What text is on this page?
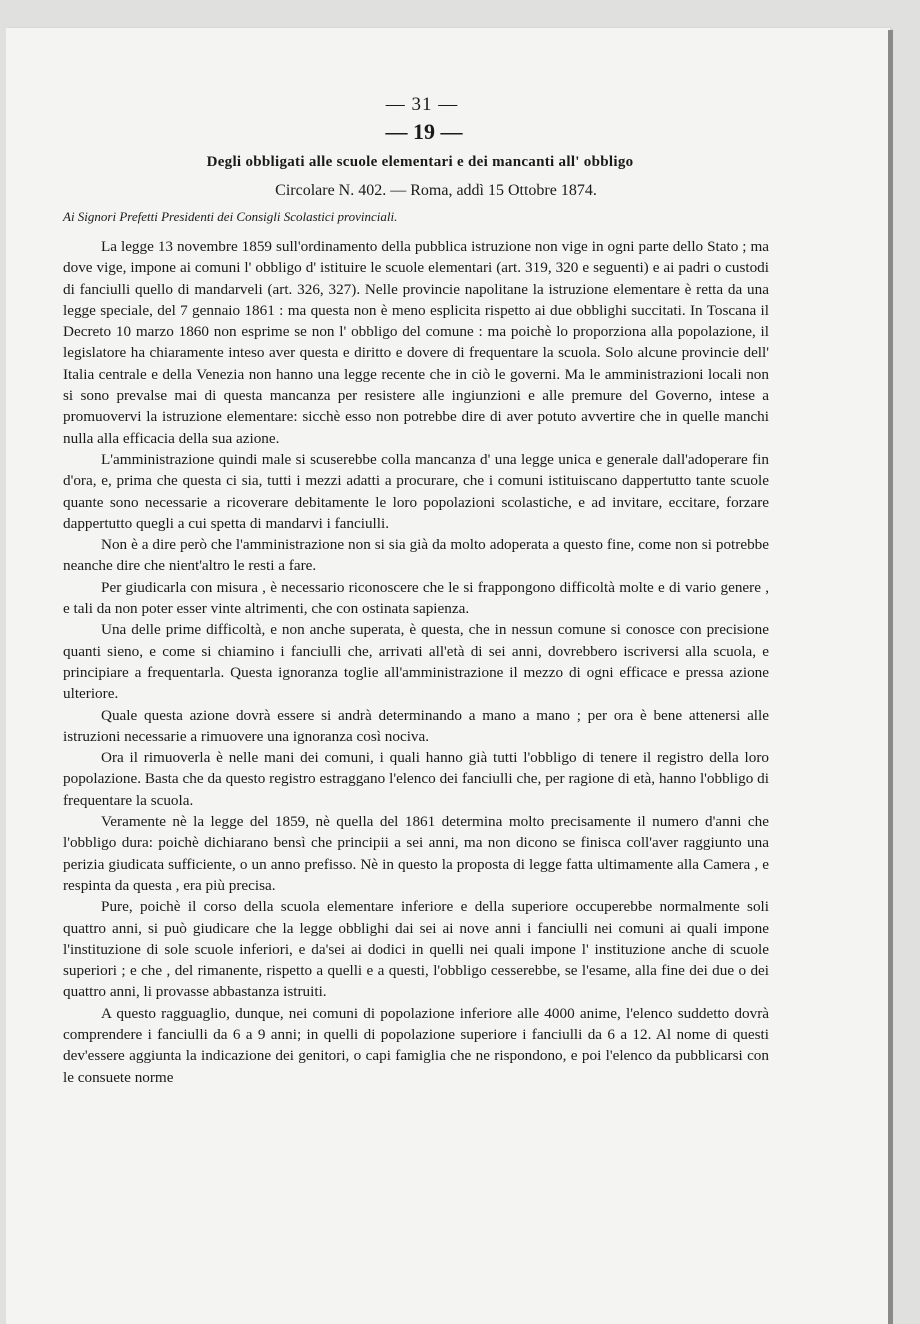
— 31 —
— 19 —
Degli obbligati alle scuole elementari e dei mancanti all' obbligo
Circolare N. 402. — Roma, addì 15 Ottobre 1874.
Ai Signori Prefetti Presidenti dei Consigli Scolastici provinciali.

La legge 13 novembre 1859 sull'ordinamento della pubblica istruzione non vige in ogni parte dello Stato ; ma dove vige, impone ai comuni l' obbligo d' istituire le scuole elementari (art. 319, 320 e seguenti) e ai padri o custodi di fanciulli quello di mandarveli (art. 326, 327). Nelle provincie napolitane la istruzione elementare è retta da una legge speciale, del 7 gennaio 1861 : ma questa non è meno esplicita rispetto ai due obblighi succitati. In Toscana il Decreto 10 marzo 1860 non esprime se non l' obbligo del comune : ma poichè lo proporziona alla popolazione, il legislatore ha chiaramente inteso aver questa e diritto e dovere di frequentare la scuola. Solo alcune provincie dell' Italia centrale e della Venezia non hanno una legge recente che in ciò le governi. Ma le amministrazioni locali non si sono prevalse mai di questa mancanza per resistere alle ingiunzioni e alle premure del Governo, intese a promuovervi la istruzione elementare: sicchè esso non potrebbe dire di aver potuto avvertire che in quelle manchi nulla alla efficacia della sua azione.

L'amministrazione quindi male si scuserebbe colla mancanza d' una legge unica e generale dall'adoperare fin d'ora, e, prima che questa ci sia, tutti i mezzi adatti a procurare, che i comuni istituiscano dappertutto tante scuole quante sono necessarie a ricoverare debitamente le loro popolazioni scolastiche, e ad invitare, eccitare, forzare dappertutto quegli a cui spetta di mandarvi i fanciulli.

Non è a dire però che l'amministrazione non si sia già da molto adoperata a questo fine, come non si potrebbe neanche dire che nient'altro le resti a fare.

Per giudicarla con misura , è necessario riconoscere che le si frappongono difficoltà molte e di vario genere , e tali da non poter esser vinte altrimenti, che con ostinata sapienza.

Una delle prime difficoltà, e non anche superata, è questa, che in nessun comune si conosce con precisione quanti sieno, e come si chiamino i fanciulli che, arrivati all'età di sei anni, dovrebbero iscriversi alla scuola, e principiare a frequentarla. Questa ignoranza toglie all'amministrazione il mezzo di ogni efficace e pressa azione ulteriore.

Quale questa azione dovrà essere si andrà determinando a mano a mano ; per ora è bene attenersi alle istruzioni necessarie a rimuovere una ignoranza così nociva.

Ora il rimuoverla è nelle mani dei comuni, i quali hanno già tutti l'obbligo di tenere il registro della loro popolazione. Basta che da questo registro estraggano l'elenco dei fanciulli che, per ragione di età, hanno l'obbligo di frequentare la scuola.

Veramente nè la legge del 1859, nè quella del 1861 determina molto precisamente il numero d'anni che l'obbligo dura: poichè dichiarano bensì che principii a sei anni, ma non dicono se finisca coll'aver raggiunto una perizia giudicata sufficiente, o un anno prefisso. Nè in questo la proposta di legge fatta ultimamente alla Camera , e respinta da questa , era più precisa.

Pure, poichè il corso della scuola elementare inferiore e della superiore occuperebbe normalmente soli quattro anni, si può giudicare che la legge obblighi dai sei ai nove anni i fanciulli nei comuni ai quali impone l'instituzione di sole scuole inferiori, e da'sei ai dodici in quelli nei quali impone l' instituzione anche di scuole superiori ; e che , del rimanente, rispetto a quelli e a questi, l'obbligo cesserebbe, se l'esame, alla fine dei due o dei quattro anni, li provasse abbastanza istruiti.

A questo ragguaglio, dunque, nei comuni di popolazione inferiore alle 4000 anime, l'elenco suddetto dovrà comprendere i fanciulli da 6 a 9 anni; in quelli di popolazione superiore i fanciulli da 6 a 12. Al nome di questi dev'essere aggiunta la indicazione dei genitori, o capi famiglia che ne rispondono, e poi l'elenco da pubblicarsi con le consuete norme
